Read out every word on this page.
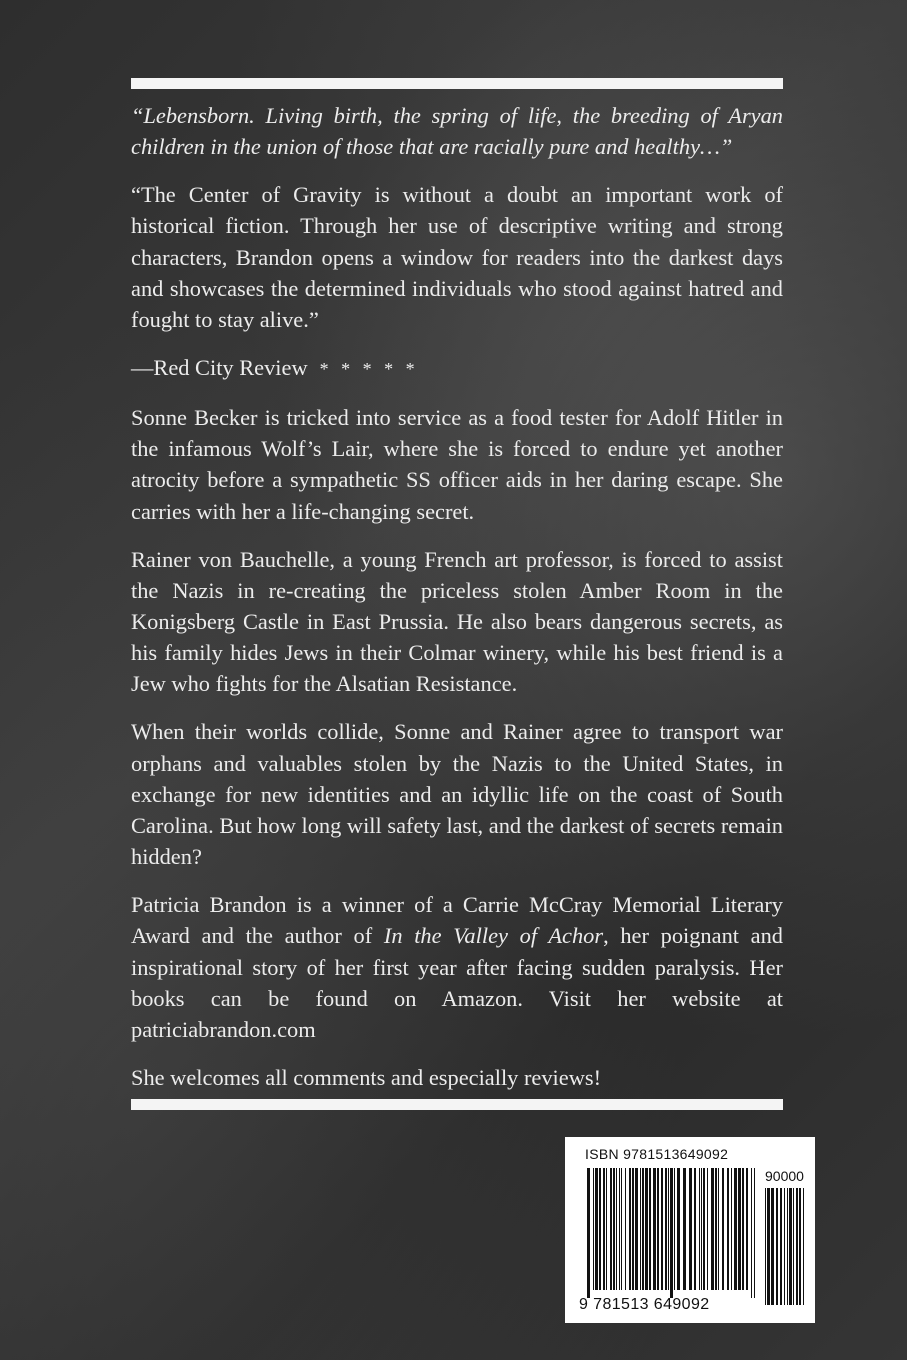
“Lebensborn. Living birth, the spring of life, the breeding of Aryan children in the union of those that are racially pure and healthy…”

“The Center of Gravity is without a doubt an important work of historical fiction. Through her use of descriptive writing and strong characters, Brandon opens a window for readers into the darkest days and showcases the determined individuals who stood against hatred and fought to stay alive.”

—Red City Review * * * * *

Sonne Becker is tricked into service as a food tester for Adolf Hitler in the infamous Wolf’s Lair, where she is forced to endure yet another atrocity before a sympathetic SS officer aids in her daring escape. She carries with her a life-changing secret.

Rainer von Bauchelle, a young French art professor, is forced to assist the Nazis in re-creating the priceless stolen Amber Room in the Konigsberg Castle in East Prussia. He also bears dangerous secrets, as his family hides Jews in their Colmar winery, while his best friend is a Jew who fights for the Alsatian Resistance.

When their worlds collide, Sonne and Rainer agree to transport war orphans and valuables stolen by the Nazis to the United States, in exchange for new identities and an idyllic life on the coast of South Carolina. But how long will safety last, and the darkest of secrets remain hidden?

Patricia Brandon is a winner of a Carrie McCray Memorial Literary Award and the author of In the Valley of Achor, her poignant and inspirational story of her first year after facing sudden paralysis. Her books can be found on Amazon. Visit her website at patriciabrandon.com

She welcomes all comments and especially reviews!

ISBN 9781513649092
90000
9 781513 649092
